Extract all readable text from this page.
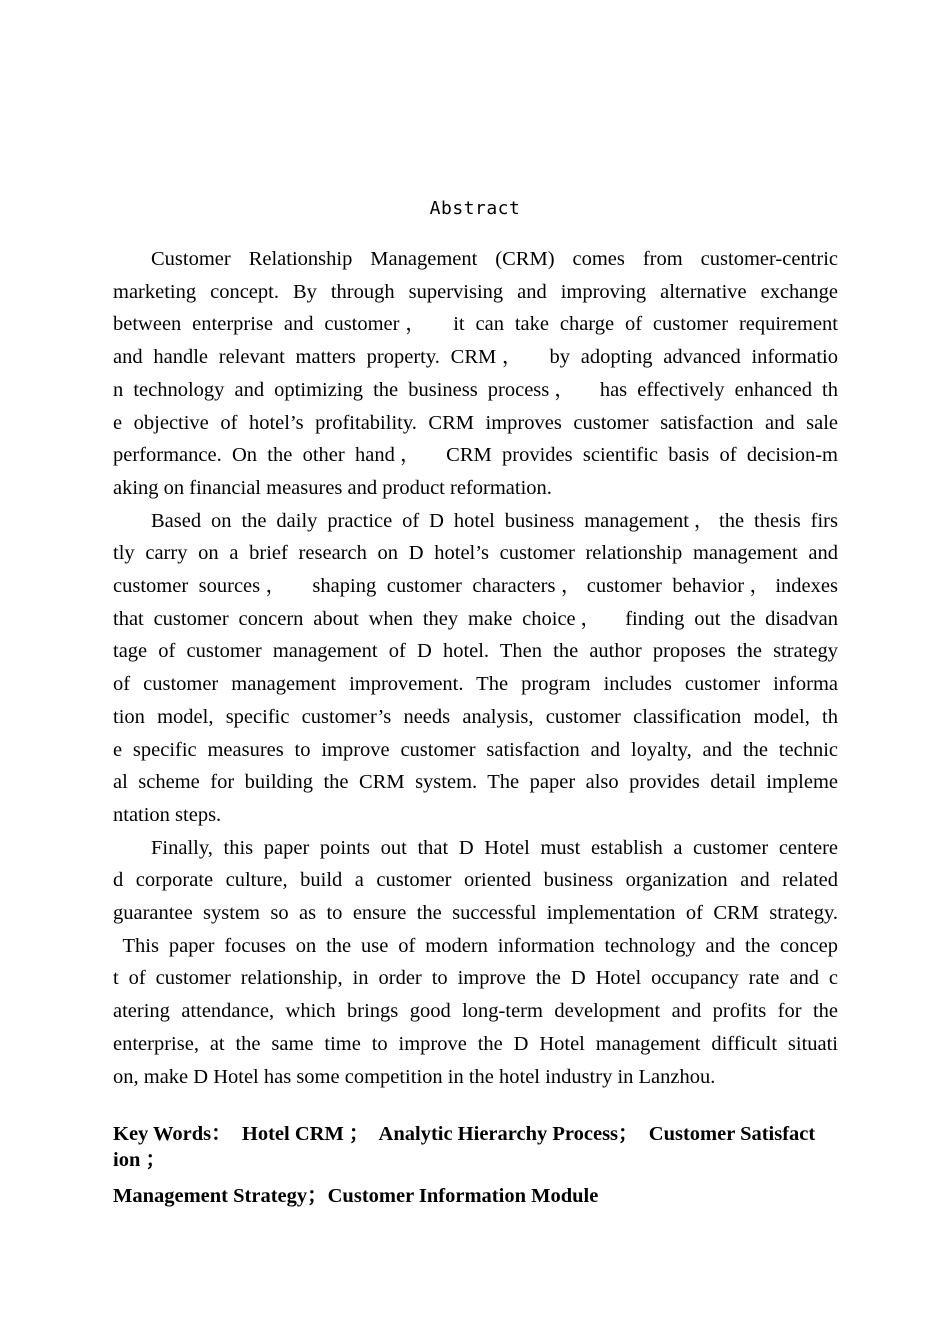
Abstract
Customer Relationship Management (CRM) comes from customer-centric
marketing concept. By through supervising and improving alternative exchange
between enterprise and customer，  it can take charge of customer requirement
and handle relevant matters property. CRM，  by adopting advanced informatio
n technology and optimizing the business process，  has effectively enhanced th
e objective of hotel’s profitability. CRM improves customer satisfaction and sale
performance. On the other hand，  CRM provides scientific basis of decision-m
aking on financial measures and product reformation.
Based on the daily practice of D hotel business management，the thesis firs
tly carry on a brief research on D hotel’s customer relationship management and
customer sources，  shaping customer characters，customer behavior，indexes
that customer concern about when they make choice，  finding out the disadvan
tage of customer management of D hotel. Then the author proposes the strategy
of customer management improvement. The program includes customer informa
tion model, specific customer’s needs analysis, customer classification model, th
e specific measures to improve customer satisfaction and loyalty, and the technic
al scheme for building the CRM system. The paper also provides detail impleme
ntation steps.
Finally, this paper points out that D Hotel must establish a customer centere
d corporate culture, build a customer oriented business organization and related
guarantee system so as to ensure the successful implementation of CRM strategy.
This paper focuses on the use of modern information technology and the concep
t of customer relationship, in order to improve the D Hotel occupancy rate and c
atering attendance, which brings good long-term development and profits for the
enterprise, at the same time to improve the D Hotel management difficult situati
on, make D Hotel has some competition in the hotel industry in Lanzhou.
Key Words：  Hotel CRM ；  Analytic Hierarchy Process；  Customer Satisfact
ion ；
Management Strategy；Customer Information Module
